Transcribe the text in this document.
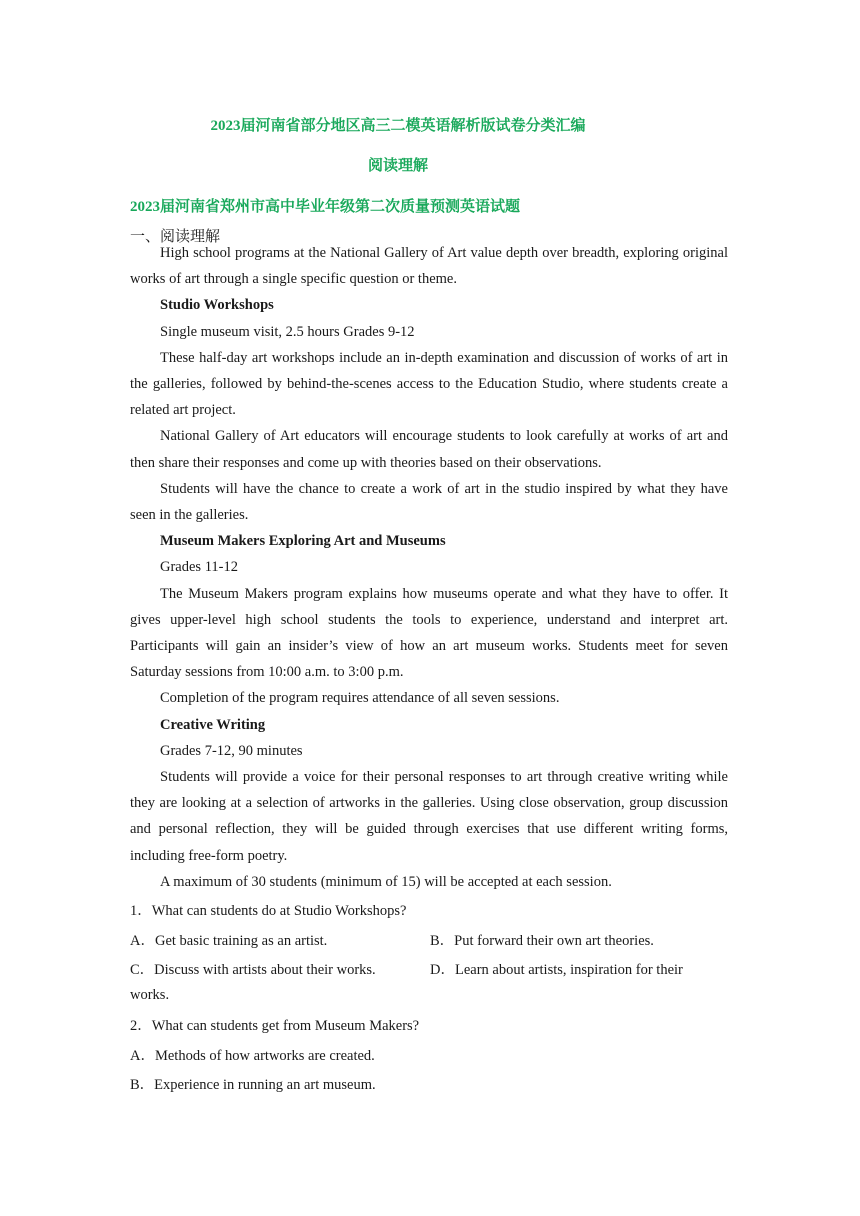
2023届河南省部分地区高三二模英语解析版试卷分类汇编
阅读理解
2023届河南省郑州市高中毕业年级第二次质量预测英语试题
一、阅读理解

High school programs at the National Gallery of Art value depth over breadth, exploring original works of art through a single specific question or theme.

Studio Workshops

Single museum visit, 2.5 hours Grades 9-12

These half-day art workshops include an in-depth examination and discussion of works of art in the galleries, followed by behind-the-scenes access to the Education Studio, where students create a related art project.

National Gallery of Art educators will encourage students to look carefully at works of art and then share their responses and come up with theories based on their observations.

Students will have the chance to create a work of art in the studio inspired by what they have seen in the galleries.

Museum Makers Exploring Art and Museums

Grades 11-12

The Museum Makers program explains how museums operate and what they have to offer. It gives upper-level high school students the tools to experience, understand and interpret art. Participants will gain an insider’s view of how an art museum works. Students meet for seven Saturday sessions from 10:00 a.m. to 3:00 p.m.

Completion of the program requires attendance of all seven sessions.

Creative Writing

Grades 7-12, 90 minutes

Students will provide a voice for their personal responses to art through creative writing while they are looking at a selection of artworks in the galleries. Using close observation, group discussion and personal reflection, they will be guided through exercises that use different writing forms, including free-form poetry.

A maximum of 30 students (minimum of 15) will be accepted at each session.

1．What can students do at Studio Workshops?
A．Get basic training as an artist.	B．Put forward their own art theories.
C．Discuss with artists about their works.	D．Learn about artists, inspiration for their
works.
2．What can students get from Museum Makers?
A．Methods of how artworks are created.
B．Experience in running an art museum.
